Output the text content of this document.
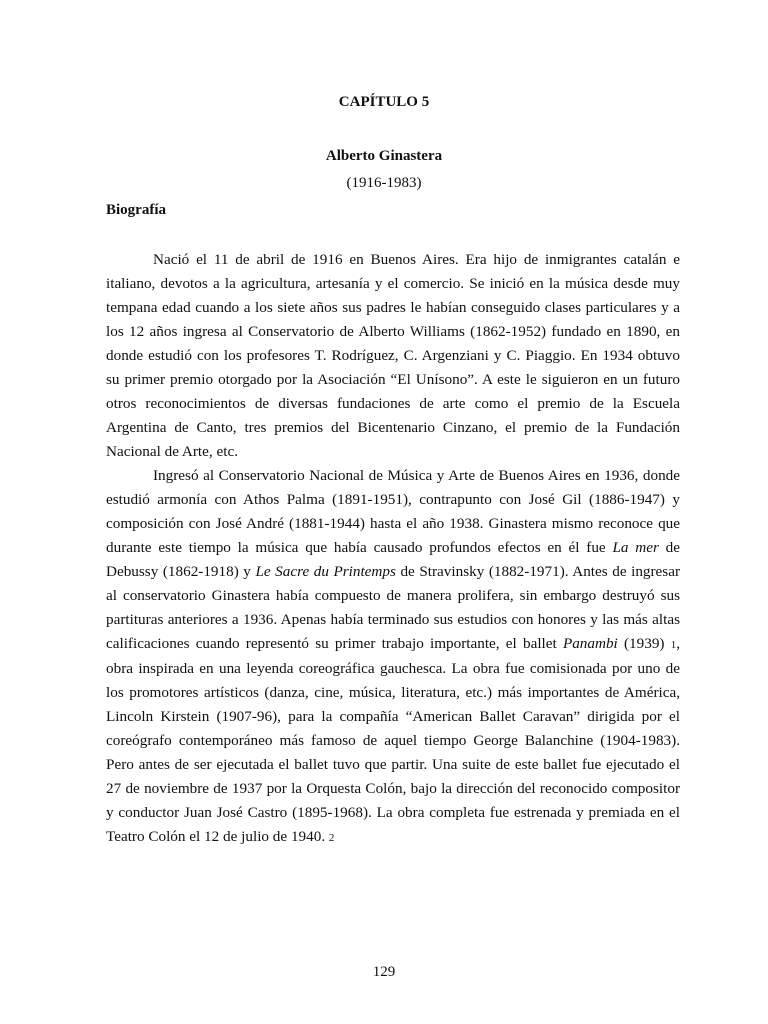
CAPÍTULO 5
Alberto Ginastera
(1916-1983)
Biografía

Nació el 11 de abril de 1916 en Buenos Aires. Era hijo de inmigrantes catalán e italiano, devotos a la agricultura, artesanía y el comercio. Se inició en la música desde muy tempana edad cuando a los siete años sus padres le habían conseguido clases particulares y a los 12 años ingresa al Conservatorio de Alberto Williams (1862-1952) fundado en 1890, en donde estudió con los profesores T. Rodríguez, C. Argenziani y C. Piaggio. En 1934 obtuvo su primer premio otorgado por la Asociación “El Unísono”. A este le siguieron en un futuro otros reconocimientos de diversas fundaciones de arte como el premio de la Escuela Argentina de Canto, tres premios del Bicentenario Cinzano, el premio de la Fundación Nacional de Arte, etc.

Ingresó al Conservatorio Nacional de Música y Arte de Buenos Aires en 1936, donde estudió armonía con Athos Palma (1891-1951), contrapunto con José Gil (1886-1947) y composición con José André (1881-1944) hasta el año 1938. Ginastera mismo reconoce que durante este tiempo la música que había causado profundos efectos en él fue La mer de Debussy (1862-1918) y Le Sacre du Printemps de Stravinsky (1882-1971). Antes de ingresar al conservatorio Ginastera había compuesto de manera prolifera, sin embargo destruyó sus partituras anteriores a 1936. Apenas había terminado sus estudios con honores y las más altas calificaciones cuando representó su primer trabajo importante, el ballet Panambi (1939) 1, obra inspirada en una leyenda coreográfica gauchesca. La obra fue comisionada por uno de los promotores artísticos (danza, cine, música, literatura, etc.) más importantes de América, Lincoln Kirstein (1907-96), para la compañía “American Ballet Caravan” dirigida por el coreógrafo contemporáneo más famoso de aquel tiempo George Balanchine (1904-1983). Pero antes de ser ejecutada el ballet tuvo que partir. Una suite de este ballet fue ejecutado el 27 de noviembre de 1937 por la Orquesta Colón, bajo la dirección del reconocido compositor y conductor Juan José Castro (1895-1968). La obra completa fue estrenada y premiada en el Teatro Colón el 12 de julio de 1940. 2

129
